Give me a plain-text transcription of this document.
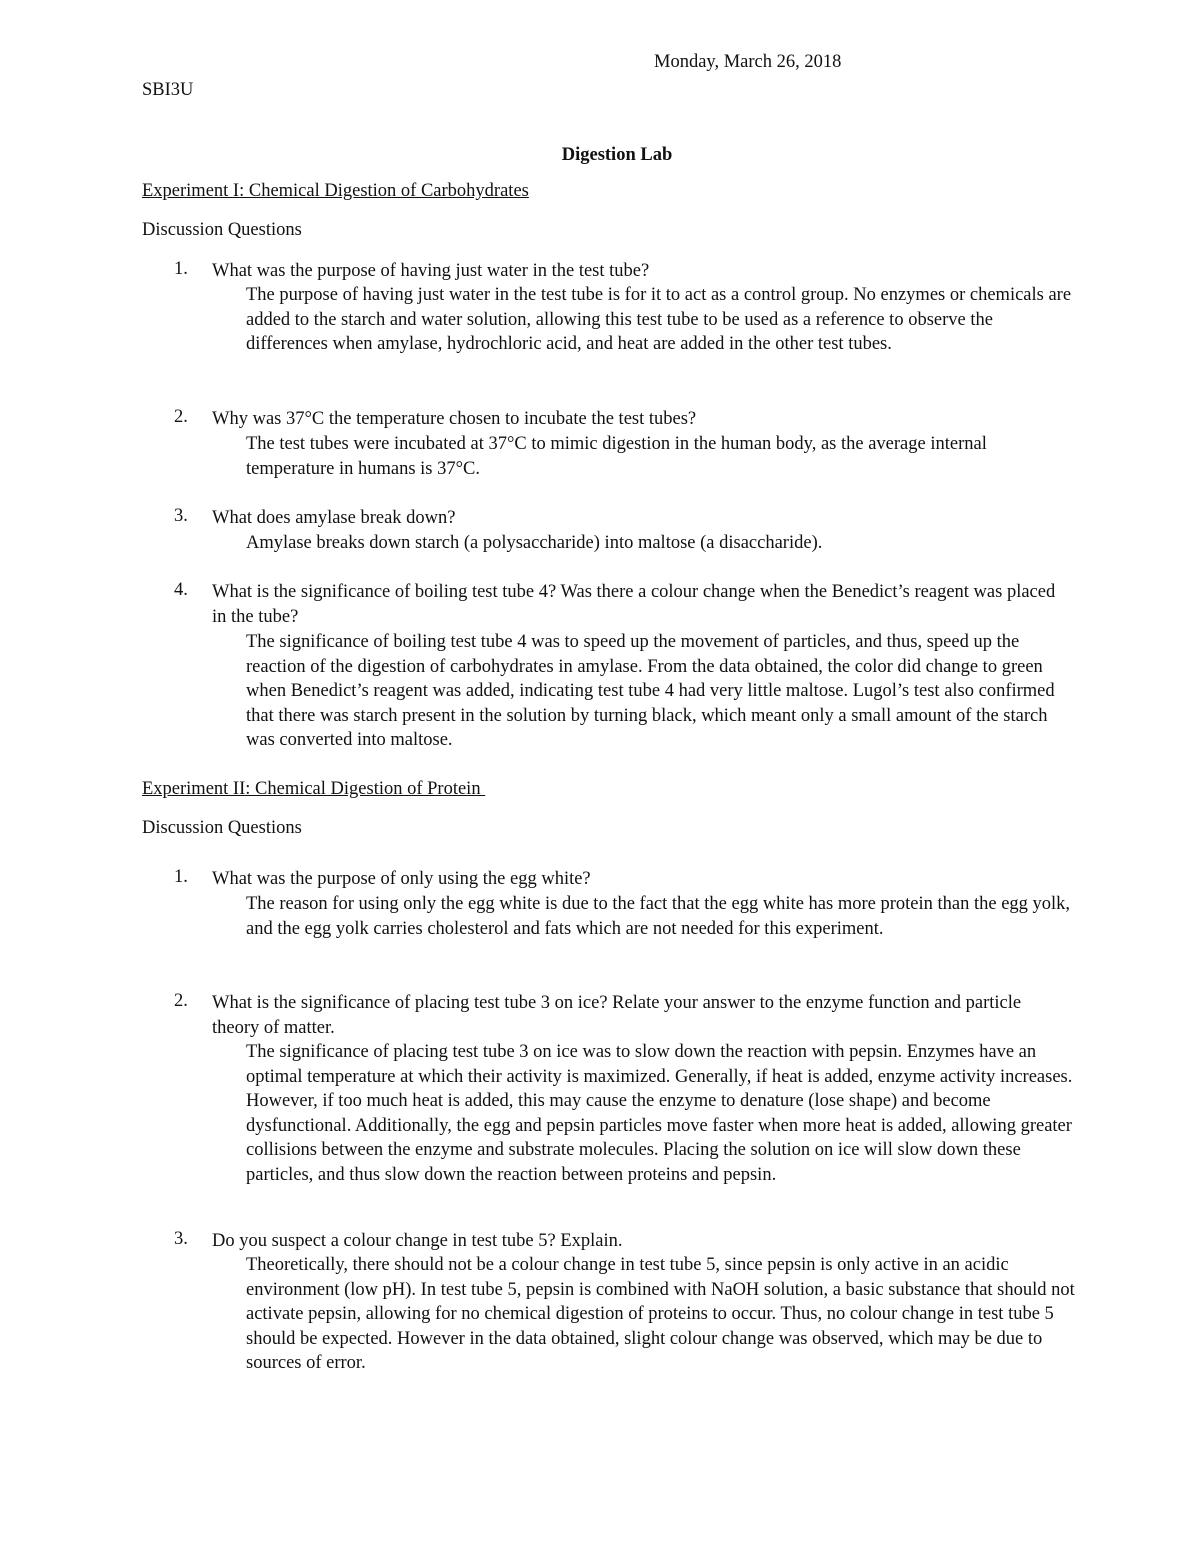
Monday, March 26, 2018
SBI3U
Digestion Lab
Experiment I: Chemical Digestion of Carbohydrates
Discussion Questions
1. What was the purpose of having just water in the test tube?
The purpose of having just water in the test tube is for it to act as a control group. No enzymes or chemicals are added to the starch and water solution, allowing this test tube to be used as a reference to observe the differences when amylase, hydrochloric acid, and heat are added in the other test tubes.
2. Why was 37°C the temperature chosen to incubate the test tubes?
The test tubes were incubated at 37°C to mimic digestion in the human body, as the average internal temperature in humans is 37°C.
3. What does amylase break down?
Amylase breaks down starch (a polysaccharide) into maltose (a disaccharide).
4. What is the significance of boiling test tube 4? Was there a colour change when the Benedict’s reagent was placed in the tube?
The significance of boiling test tube 4 was to speed up the movement of particles, and thus, speed up the reaction of the digestion of carbohydrates in amylase. From the data obtained, the color did change to green when Benedict’s reagent was added, indicating test tube 4 had very little maltose. Lugol’s test also confirmed that there was starch present in the solution by turning black, which meant only a small amount of the starch was converted into maltose.
Experiment II: Chemical Digestion of Protein
Discussion Questions
1. What was the purpose of only using the egg white?
The reason for using only the egg white is due to the fact that the egg white has more protein than the egg yolk, and the egg yolk carries cholesterol and fats which are not needed for this experiment.
2. What is the significance of placing test tube 3 on ice? Relate your answer to the enzyme function and particle theory of matter.
The significance of placing test tube 3 on ice was to slow down the reaction with pepsin. Enzymes have an optimal temperature at which their activity is maximized. Generally, if heat is added, enzyme activity increases. However, if too much heat is added, this may cause the enzyme to denature (lose shape) and become dysfunctional. Additionally, the egg and pepsin particles move faster when more heat is added, allowing greater collisions between the enzyme and substrate molecules. Placing the solution on ice will slow down these particles, and thus slow down the reaction between proteins and pepsin.
3. Do you suspect a colour change in test tube 5? Explain.
Theoretically, there should not be a colour change in test tube 5, since pepsin is only active in an acidic environment (low pH). In test tube 5, pepsin is combined with NaOH solution, a basic substance that should not activate pepsin, allowing for no chemical digestion of proteins to occur. Thus, no colour change in test tube 5 should be expected. However in the data obtained, slight colour change was observed, which may be due to sources of error.
